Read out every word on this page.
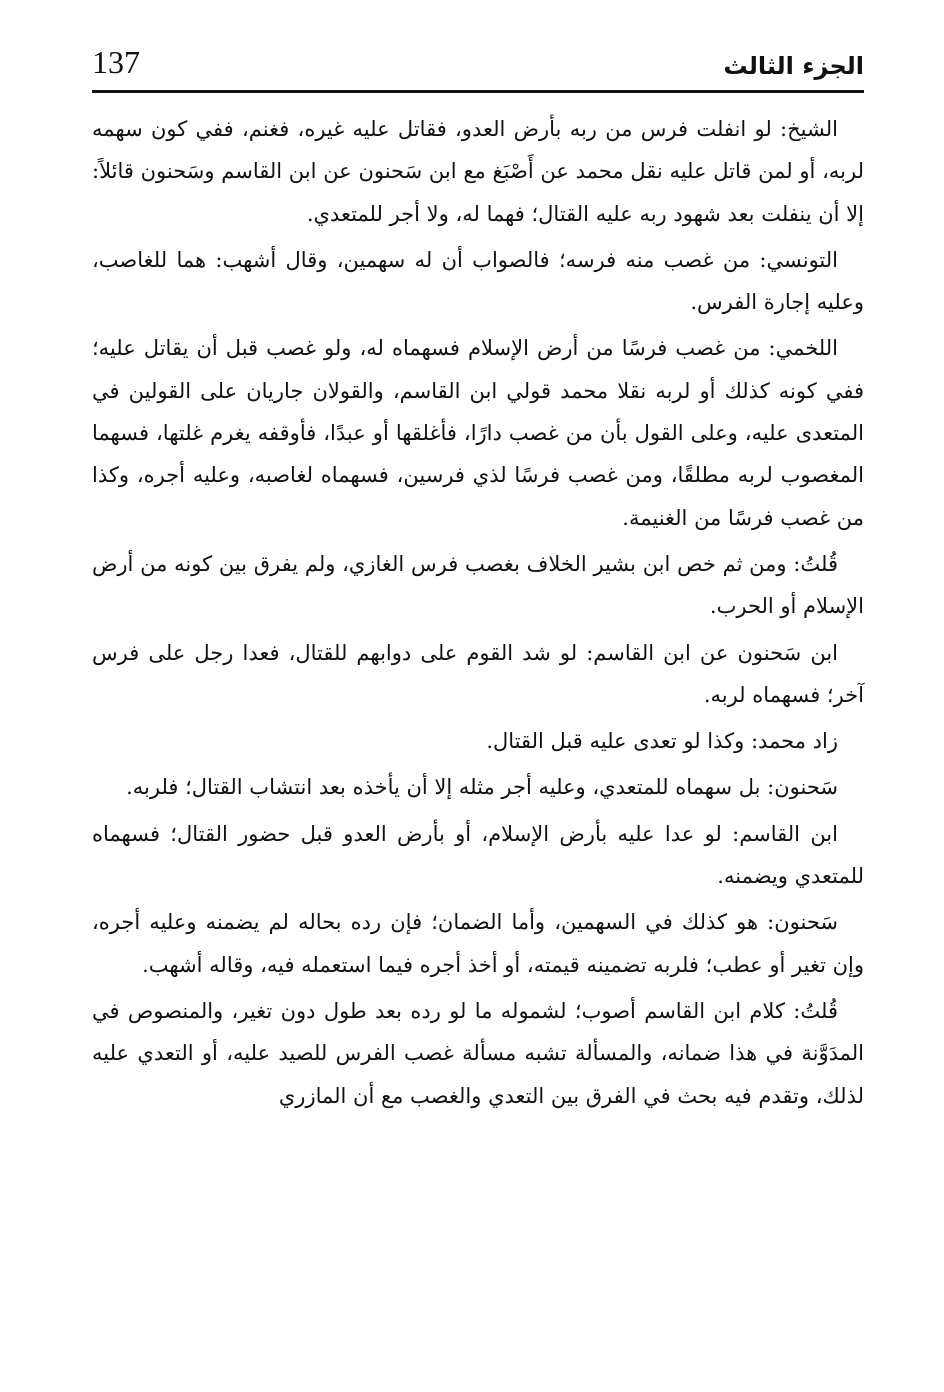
137	الجزء الثالث

الشيخ: لو انفلت فرس من ربه بأرض العدو، فقاتل عليه غيره، فغنم، ففي كون سهمه لربه، أو لمن قاتل عليه نقل محمد عن أَصْبَغ مع ابن سَحنون عن ابن القاسم وسَحنون قائلاً: إلا أن ينفلت بعد شهود ربه عليه القتال؛ فهما له، ولا أجر للمتعدي.

التونسي: من غصب منه فرسه؛ فالصواب أن له سهمين، وقال أشهب: هما للغاصب، وعليه إجارة الفرس.

اللخمي: من غصب فرسًا من أرض الإسلام فسهماه له، ولو غصب قبل أن يقاتل عليه؛ ففي كونه كذلك أو لربه نقلا محمد قولي ابن القاسم، والقولان جاريان على القولين في المتعدى عليه، وعلى القول بأن من غصب دارًا، فأغلقها أو عبدًا، فأوقفه يغرم غلتها، فسهما المغصوب لربه مطلقًا، ومن غصب فرسًا لذي فرسين، فسهماه لغاصبه، وعليه أجره، وكذا من غصب فرسًا من الغنيمة.

قُلتُ: ومن ثم خص ابن بشير الخلاف بغصب فرس الغازي، ولم يفرق بين كونه من أرض الإسلام أو الحرب.

ابن سَحنون عن ابن القاسم: لو شد القوم على دوابهم للقتال، فعدا رجل على فرس آخر؛ فسهماه لربه.

زاد محمد: وكذا لو تعدى عليه قبل القتال.

سَحنون: بل سهماه للمتعدي، وعليه أجر مثله إلا أن يأخذه بعد انتشاب القتال؛ فلربه.

ابن القاسم: لو عدا عليه بأرض الإسلام، أو بأرض العدو قبل حضور القتال؛ فسهماه للمتعدي ويضمنه.

سَحنون: هو كذلك في السهمين، وأما الضمان؛ فإن رده بحاله لم يضمنه وعليه أجره، وإن تغير أو عطب؛ فلربه تضمينه قيمته، أو أخذ أجره فيما استعمله فيه، وقاله أشهب.

قُلتُ: كلام ابن القاسم أصوب؛ لشموله ما لو رده بعد طول دون تغير، والمنصوص في المدَوَّنة في هذا ضمانه، والمسألة تشبه مسألة غصب الفرس للصيد عليه، أو التعدي عليه لذلك، وتقدم فيه بحث في الفرق بين التعدي والغصب مع أن المازري
